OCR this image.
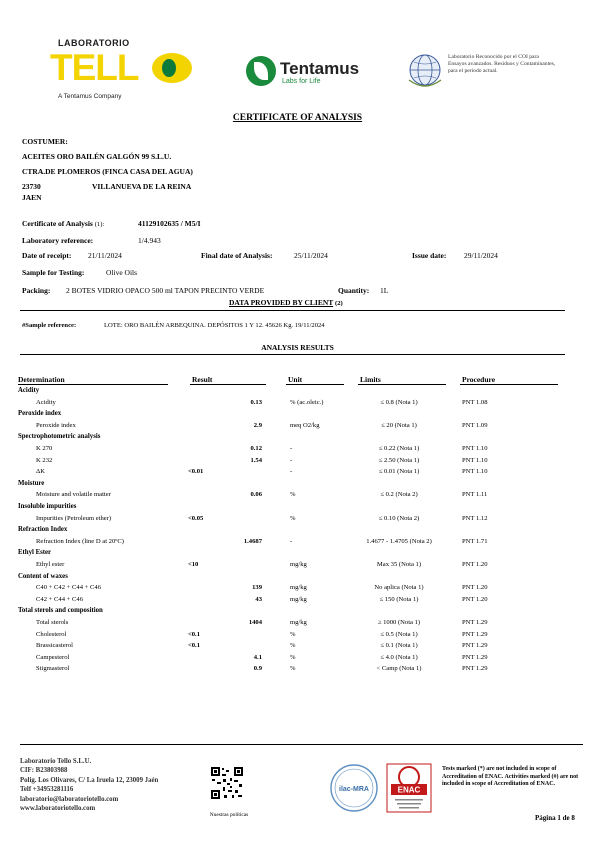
LABORATORIO
TELL
A Tentamus Company
Tentamus
Labs for Life
Laboratorio Reconocido por el COI para Ensayos avanzados. Residuos y Contaminantes, para el periodo actual.
CERTIFICATE OF ANALYSIS
COSTUMER:
ACEITES ORO BAILÉN GALGÓN 99 S.L.U.
CTRA.DE PLOMEROS (FINCA CASA DEL AGUA)
23730	VILLANUEVA DE LA REINA
JAEN
Certificate of Analysis (1):	41129102635 / M5/I
Laboratory reference:	1/4.943
Date of receipt: 21/11/2024	Final date of Analysis:	25/11/2024	Issue date: 29/11/2024
Sample for Testing:	Olive Oils
Packing: 2 BOTES VIDRIO OPACO 500 ml TAPON PRECINTO VERDE	Quantity: 1L
DATA PROVIDED BY CLIENT (2)
#Sample reference:	LOTE: ORO BAILÉN ARBEQUINA. DEPÓSITOS 1 Y 12. 45626 Kg. 19/11/2024
ANALYSIS RESULTS
Determination	Result	Unit	Limits	Procedure
Acidity
Acidity	0.13	% (ac.oleic.)	≤ 0.8 (Nota 1)	PNT 1.08
Peroxide index
Peroxide index	2.9	meq O2/kg	≤ 20 (Nota 1)	PNT 1.09
Spectrophotometric analysis
K 270	0.12	-	≤ 0.22 (Nota 1)	PNT 1.10
K 232	1.54	-	≤ 2.50 (Nota 1)	PNT 1.10
ΔK	<0.01	-	≤ 0.01 (Nota 1)	PNT 1.10
Moisture
Moisture and volatile matter	0.06	%	≤ 0.2 (Nota 2)	PNT 1.11
Insoluble impurities
Impurities (Petroleum ether)	<0.05	%	≤ 0.10 (Nota 2)	PNT 1.12
Refraction Index
Refraction Index (line D at 20ºC)	1.4687	-	1.4677 - 1.4705 (Nota 2)	PNT 1.71
Ethyl Ester
Ethyl ester	<10	mg/kg	Max 35 (Nota 1)	PNT 1.20
Content of waxes
C40 + C42 + C44 + C46	139	mg/kg	No aplica (Nota 1)	PNT 1.20
C42 + C44 + C46	43	mg/kg	≤ 150 (Nota 1)	PNT 1.20
Total sterols and composition
Total sterols	1404	mg/kg	≥ 1000 (Nota 1)	PNT 1.29
Cholesterol	<0.1	%	≤ 0.5 (Nota 1)	PNT 1.29
Brassicasterol	<0.1	%	≤ 0.1 (Nota 1)	PNT 1.29
Campesterol	4.1	%	≤ 4.0 (Nota 1)	PNT 1.29
Stigmasterol	0.9	%	< Camp (Nota 1)	PNT 1.29
Laboratorio Tello S.L.U.
CIF: B23803988
Polig. Los Olivares, C/ La Iruela 12, 23009 Jaén
Telf +34953281116
laboratorio@laboratoriotello.com
www.laboratoriotello.com
Nuestras políticas
ilac-MRA	ENAC
Tests marked (*) are not included in scope of Accreditation of ENAC. Activities marked (#) are not included in scope of Accreditation of ENAC.
Página 1 de 8
